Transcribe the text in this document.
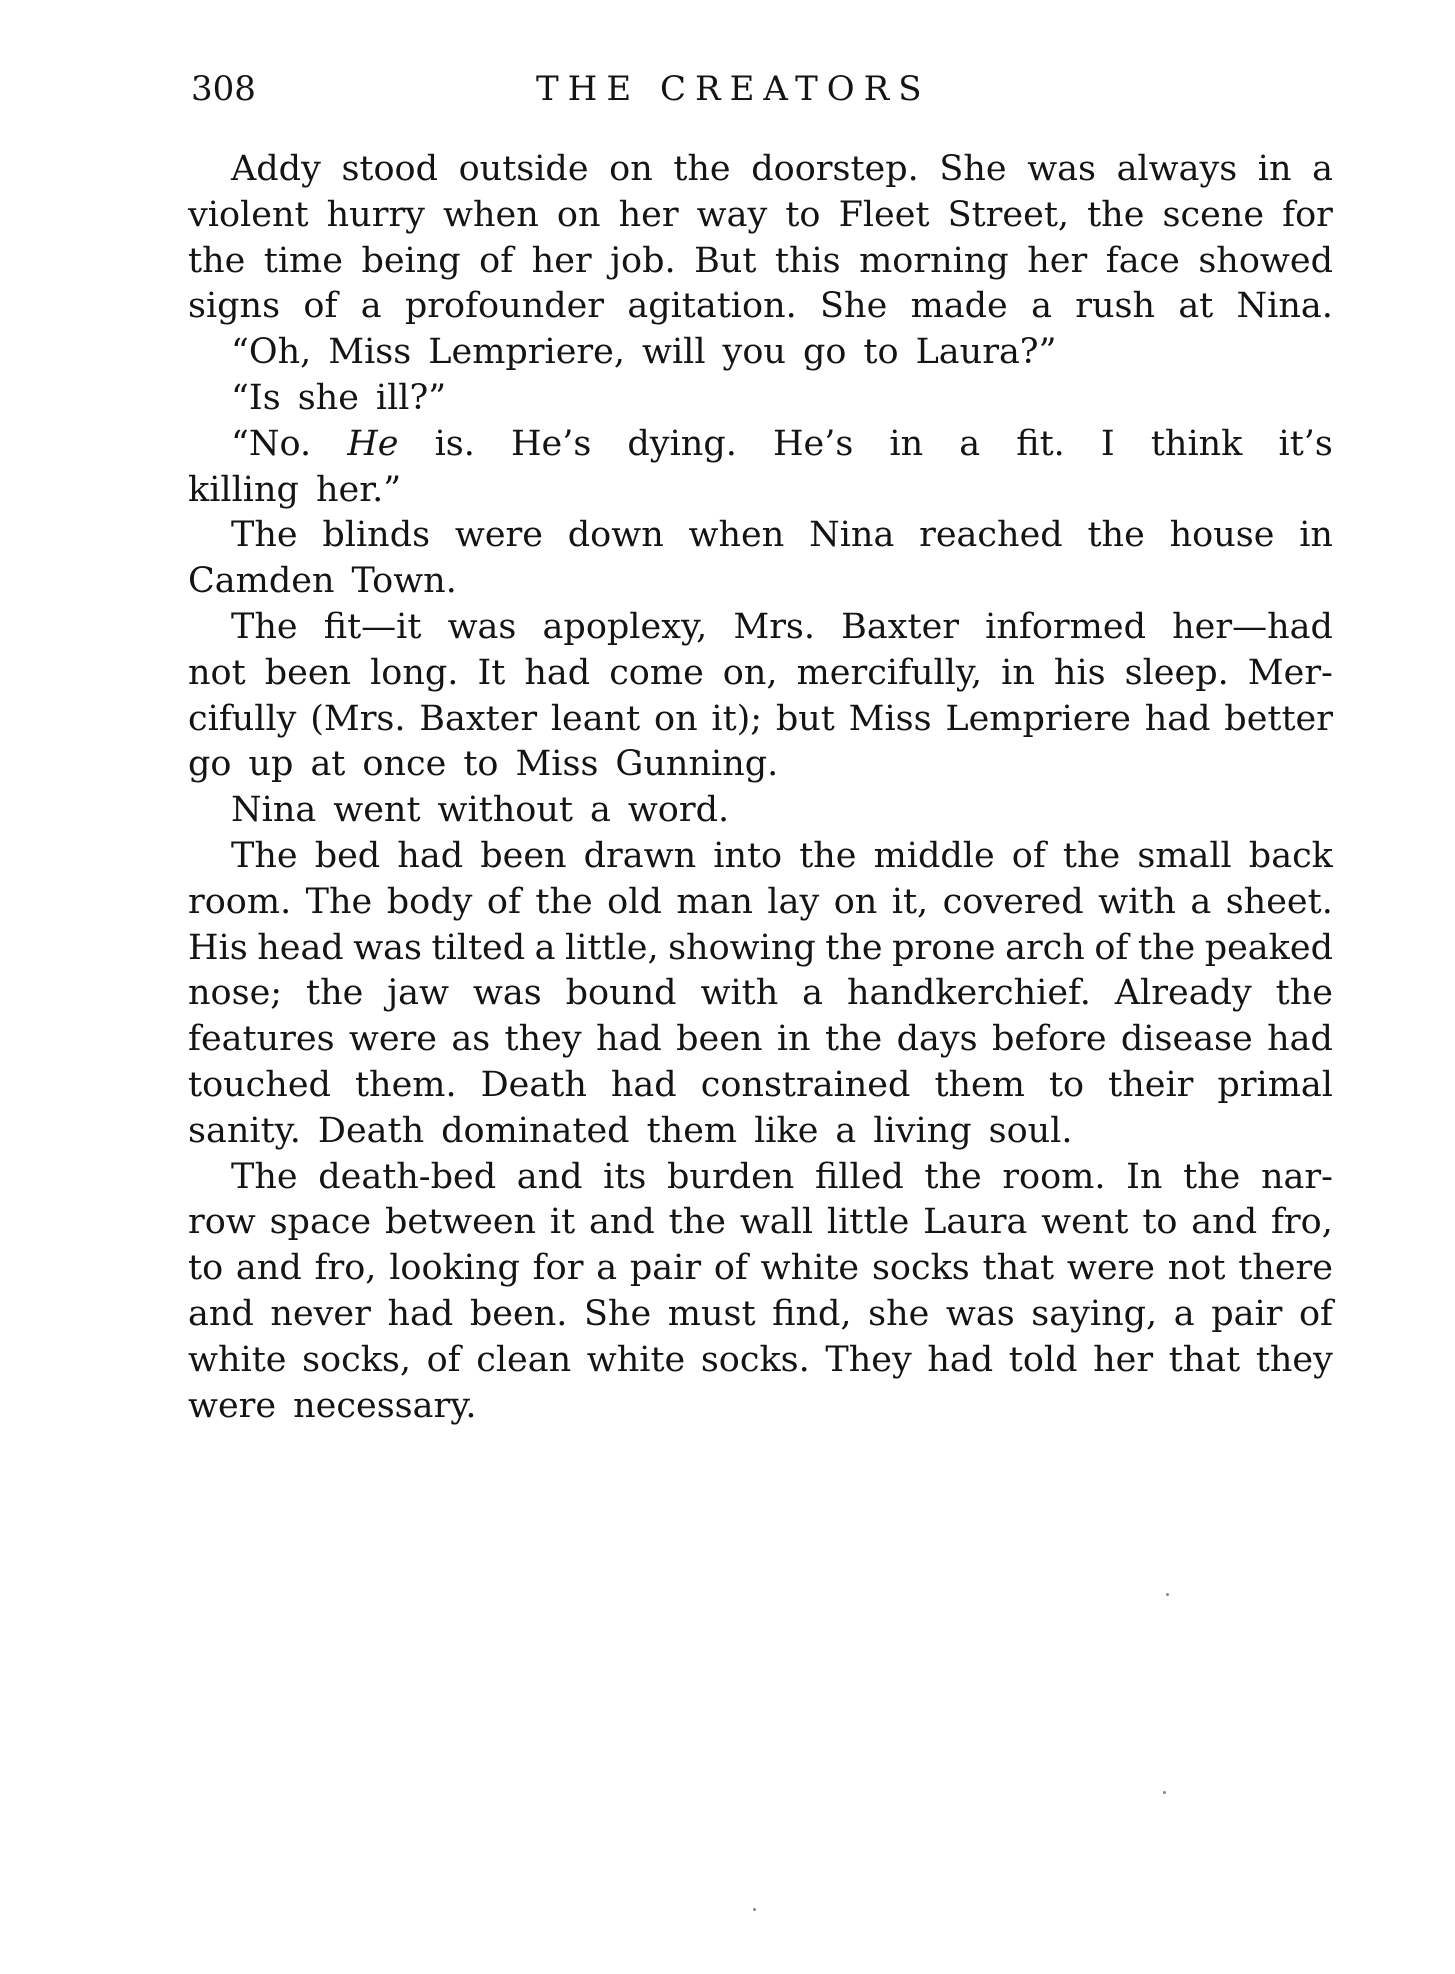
308	THE CREATORS
Addy stood outside on the doorstep. She was always in a
violent hurry when on her way to Fleet Street, the scene for
the time being of her job. But this morning her face showed
signs of a profounder agitation. She made a rush at Nina.
“Oh, Miss Lempriere, will you go to Laura?”
“Is she ill?”
“No. He is. He’s dying. He’s in a fit. I think it’s
killing her.”
The blinds were down when Nina reached the house in
Camden Town.
The fit—it was apoplexy, Mrs. Baxter informed her—had
not been long. It had come on, mercifully, in his sleep. Mer-
cifully (Mrs. Baxter leant on it); but Miss Lempriere had better
go up at once to Miss Gunning.
Nina went without a word.
The bed had been drawn into the middle of the small back
room. The body of the old man lay on it, covered with a sheet.
His head was tilted a little, showing the prone arch of the peaked
nose; the jaw was bound with a handkerchief. Already the
features were as they had been in the days before disease had
touched them. Death had constrained them to their primal
sanity. Death dominated them like a living soul.
The death-bed and its burden filled the room. In the nar-
row space between it and the wall little Laura went to and fro,
to and fro, looking for a pair of white socks that were not there
and never had been. She must find, she was saying, a pair of
white socks, of clean white socks. They had told her that they
were necessary.
